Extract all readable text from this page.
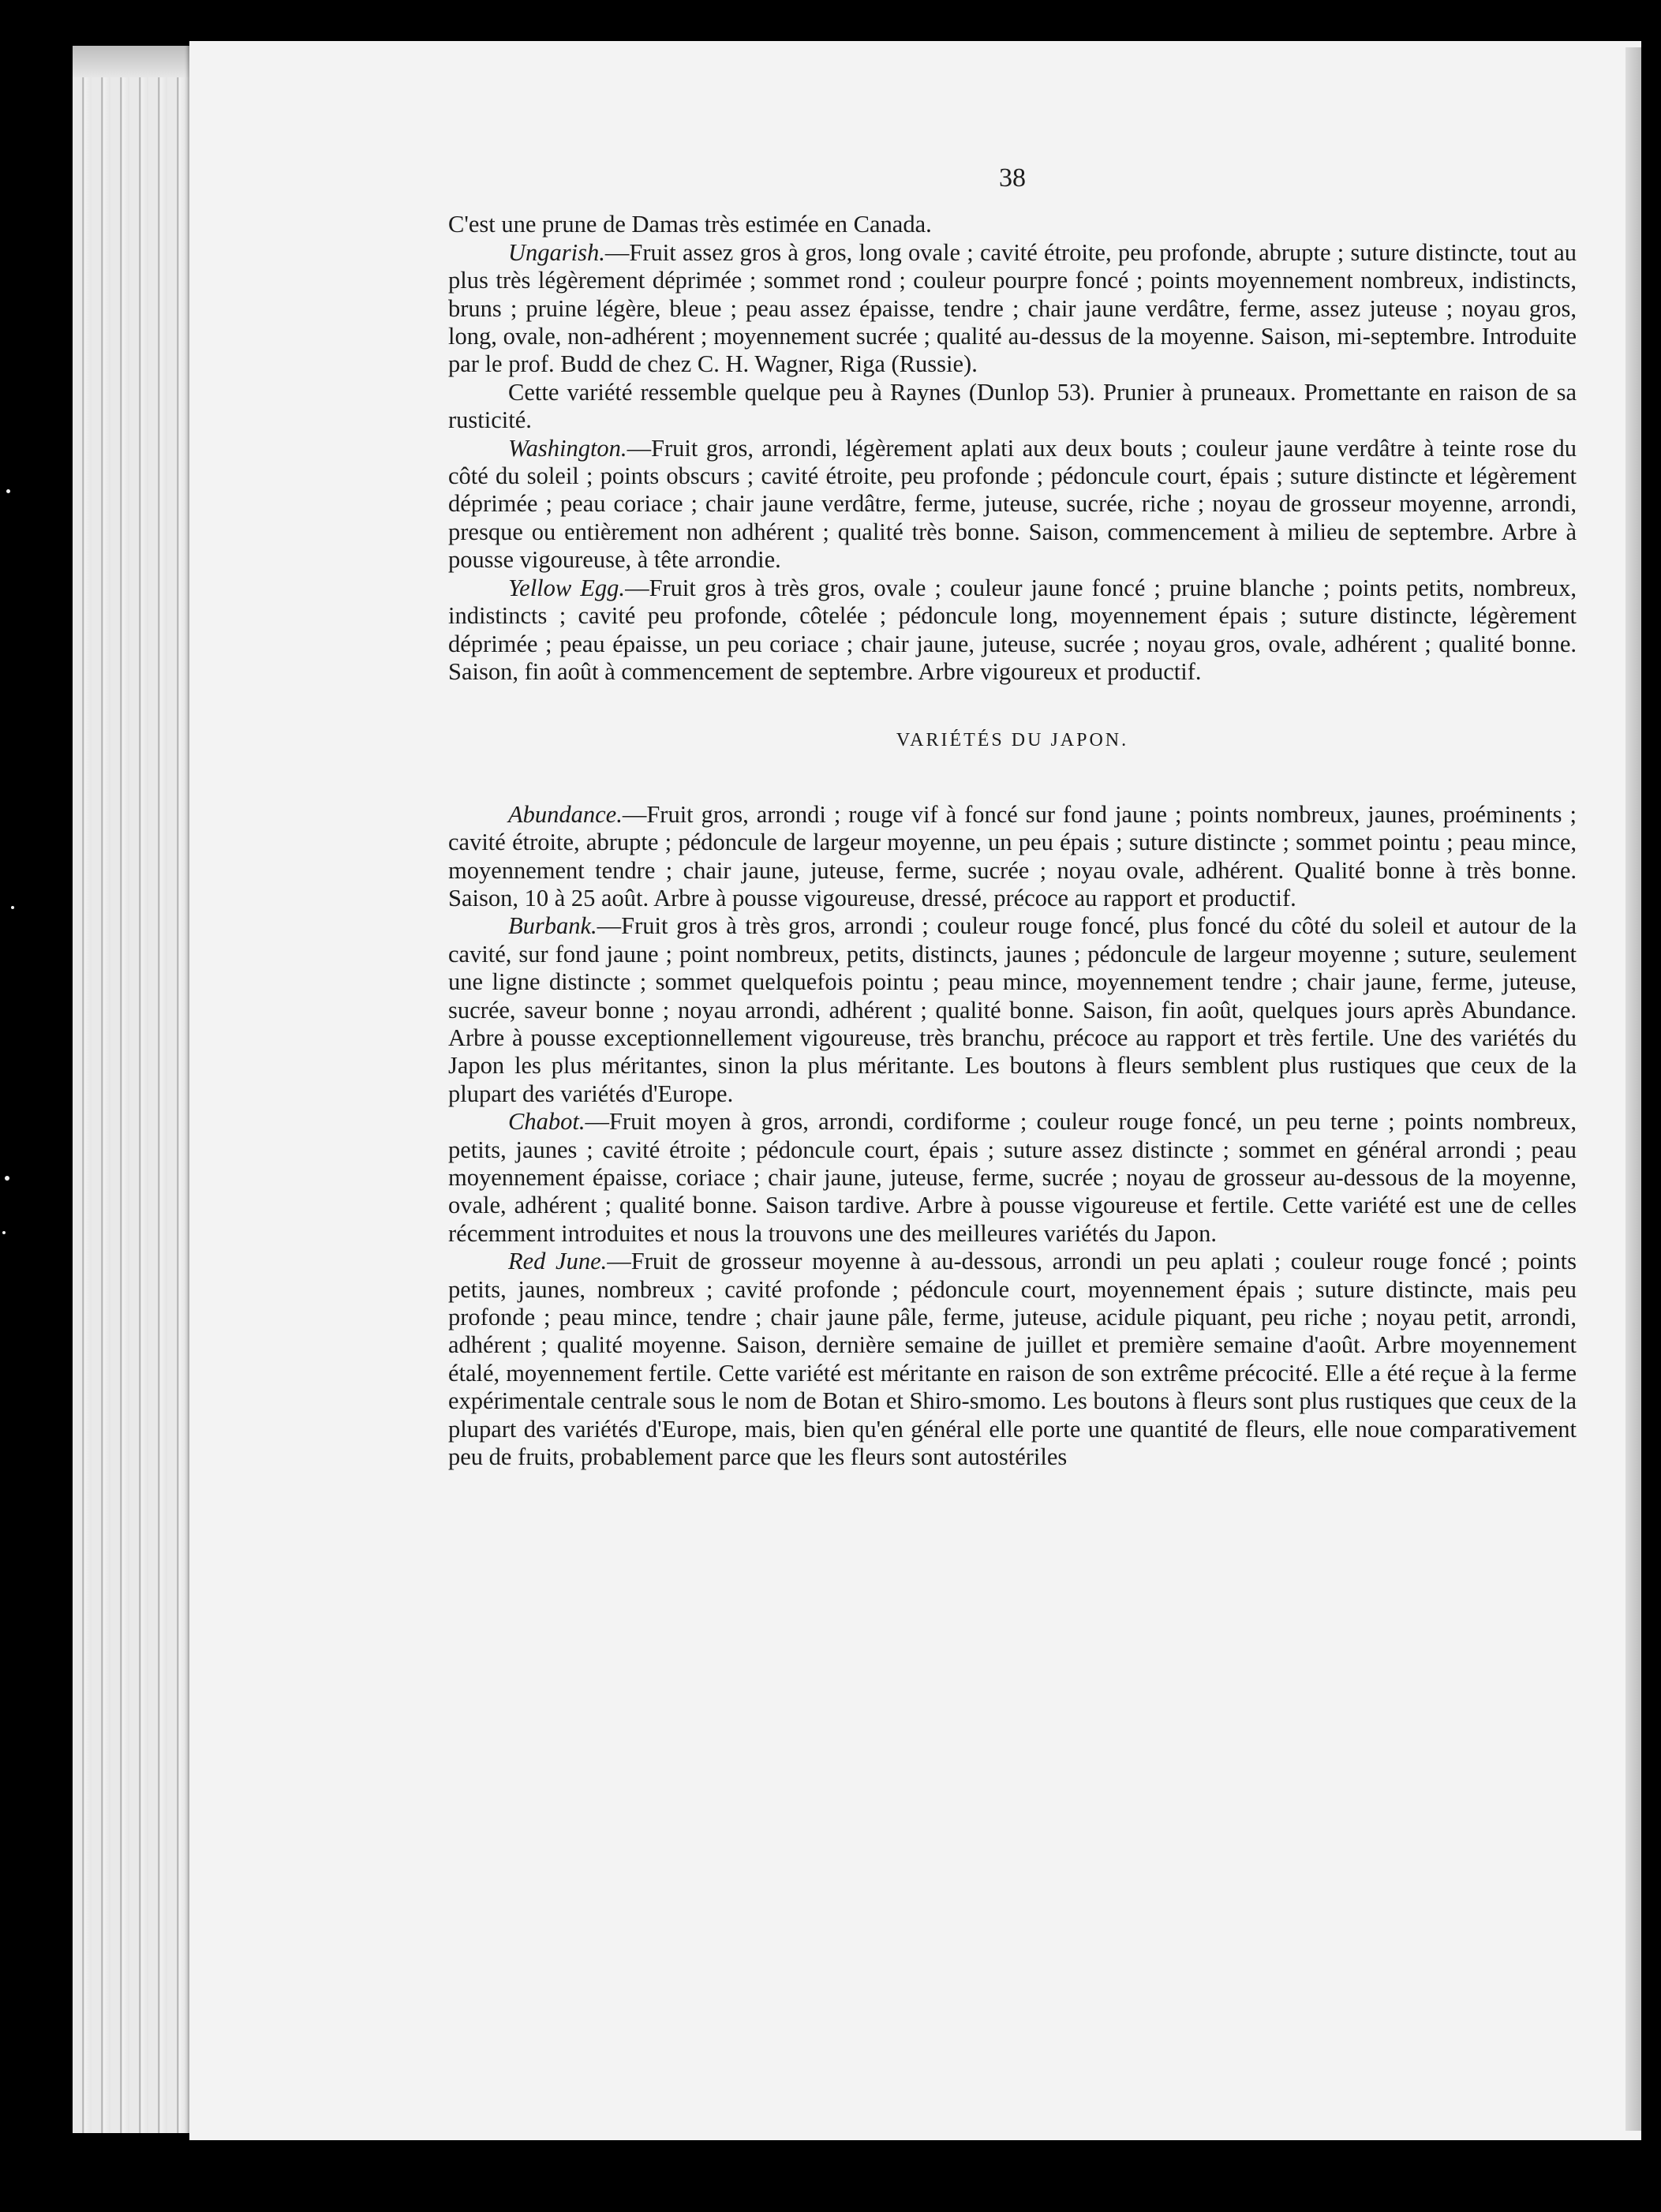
38

C'est une prune de Damas très estimée en Canada.

Ungarish.—Fruit assez gros à gros, long ovale ; cavité étroite, peu profonde, abrupte ; suture distincte, tout au plus très légèrement déprimée ; sommet rond ; couleur pourpre foncé ; points moyennement nombreux, indistincts, bruns ; pruine légère, bleue ; peau assez épaisse, tendre ; chair jaune verdâtre, ferme, assez juteuse ; noyau gros, long, ovale, non-adhérent ; moyennement sucrée ; qualité au-dessus de la moyenne. Saison, mi-septembre. Introduite par le prof. Budd de chez C. H. Wagner, Riga (Russie).

Cette variété ressemble quelque peu à Raynes (Dunlop 53). Prunier à pruneaux. Promettante en raison de sa rusticité.

Washington.—Fruit gros, arrondi, légèrement aplati aux deux bouts ; couleur jaune verdâtre à teinte rose du côté du soleil ; points obscurs ; cavité étroite, peu profonde ; pédoncule court, épais ; suture distincte et légèrement déprimée ; peau coriace ; chair jaune verdâtre, ferme, juteuse, sucrée, riche ; noyau de grosseur moyenne, arrondi, presque ou entièrement non adhérent ; qualité très bonne. Saison, commencement à milieu de septembre. Arbre à pousse vigoureuse, à tête arrondie.

Yellow Egg.—Fruit gros à très gros, ovale ; couleur jaune foncé ; pruine blanche ; points petits, nombreux, indistincts ; cavité peu profonde, côtelée ; pédoncule long, moyennement épais ; suture distincte, légèrement déprimée ; peau épaisse, un peu coriace ; chair jaune, juteuse, sucrée ; noyau gros, ovale, adhérent ; qualité bonne. Saison, fin août à commencement de septembre. Arbre vigoureux et productif.

VARIÉTÉS DU JAPON.

Abundance.—Fruit gros, arrondi ; rouge vif à foncé sur fond jaune ; points nombreux, jaunes, proéminents ; cavité étroite, abrupte ; pédoncule de largeur moyenne, un peu épais ; suture distincte ; sommet pointu ; peau mince, moyennement tendre ; chair jaune, juteuse, ferme, sucrée ; noyau ovale, adhérent. Qualité bonne à très bonne. Saison, 10 à 25 août. Arbre à pousse vigoureuse, dressé, précoce au rapport et productif.

Burbank.—Fruit gros à très gros, arrondi ; couleur rouge foncé, plus foncé du côté du soleil et autour de la cavité, sur fond jaune ; point nombreux, petits, distincts, jaunes ; pédoncule de largeur moyenne ; suture, seulement une ligne distincte ; sommet quelquefois pointu ; peau mince, moyennement tendre ; chair jaune, ferme, juteuse, sucrée, saveur bonne ; noyau arrondi, adhérent ; qualité bonne. Saison, fin août, quelques jours après Abundance. Arbre à pousse exceptionnellement vigoureuse, très branchu, précoce au rapport et très fertile. Une des variétés du Japon les plus méritantes, sinon la plus méritante. Les boutons à fleurs semblent plus rustiques que ceux de la plupart des variétés d'Europe.

Chabot.—Fruit moyen à gros, arrondi, cordiforme ; couleur rouge foncé, un peu terne ; points nombreux, petits, jaunes ; cavité étroite ; pédoncule court, épais ; suture assez distincte ; sommet en général arrondi ; peau moyennement épaisse, coriace ; chair jaune, juteuse, ferme, sucrée ; noyau de grosseur au-dessous de la moyenne, ovale, adhérent ; qualité bonne. Saison tardive. Arbre à pousse vigoureuse et fertile. Cette variété est une de celles récemment introduites et nous la trouvons une des meilleures variétés du Japon.

Red June.—Fruit de grosseur moyenne à au-dessous, arrondi un peu aplati ; couleur rouge foncé ; points petits, jaunes, nombreux ; cavité profonde ; pédoncule court, moyennement épais ; suture distincte, mais peu profonde ; peau mince, tendre ; chair jaune pâle, ferme, juteuse, acidule piquant, peu riche ; noyau petit, arrondi, adhérent ; qualité moyenne. Saison, dernière semaine de juillet et première semaine d'août. Arbre moyennement étalé, moyennement fertile. Cette variété est méritante en raison de son extrême précocité. Elle a été reçue à la ferme expérimentale centrale sous le nom de Botan et Shiro-smomo. Les boutons à fleurs sont plus rustiques que ceux de la plupart des variétés d'Europe, mais, bien qu'en général elle porte une quantité de fleurs, elle noue comparativement peu de fruits, probablement parce que les fleurs sont autostériles
